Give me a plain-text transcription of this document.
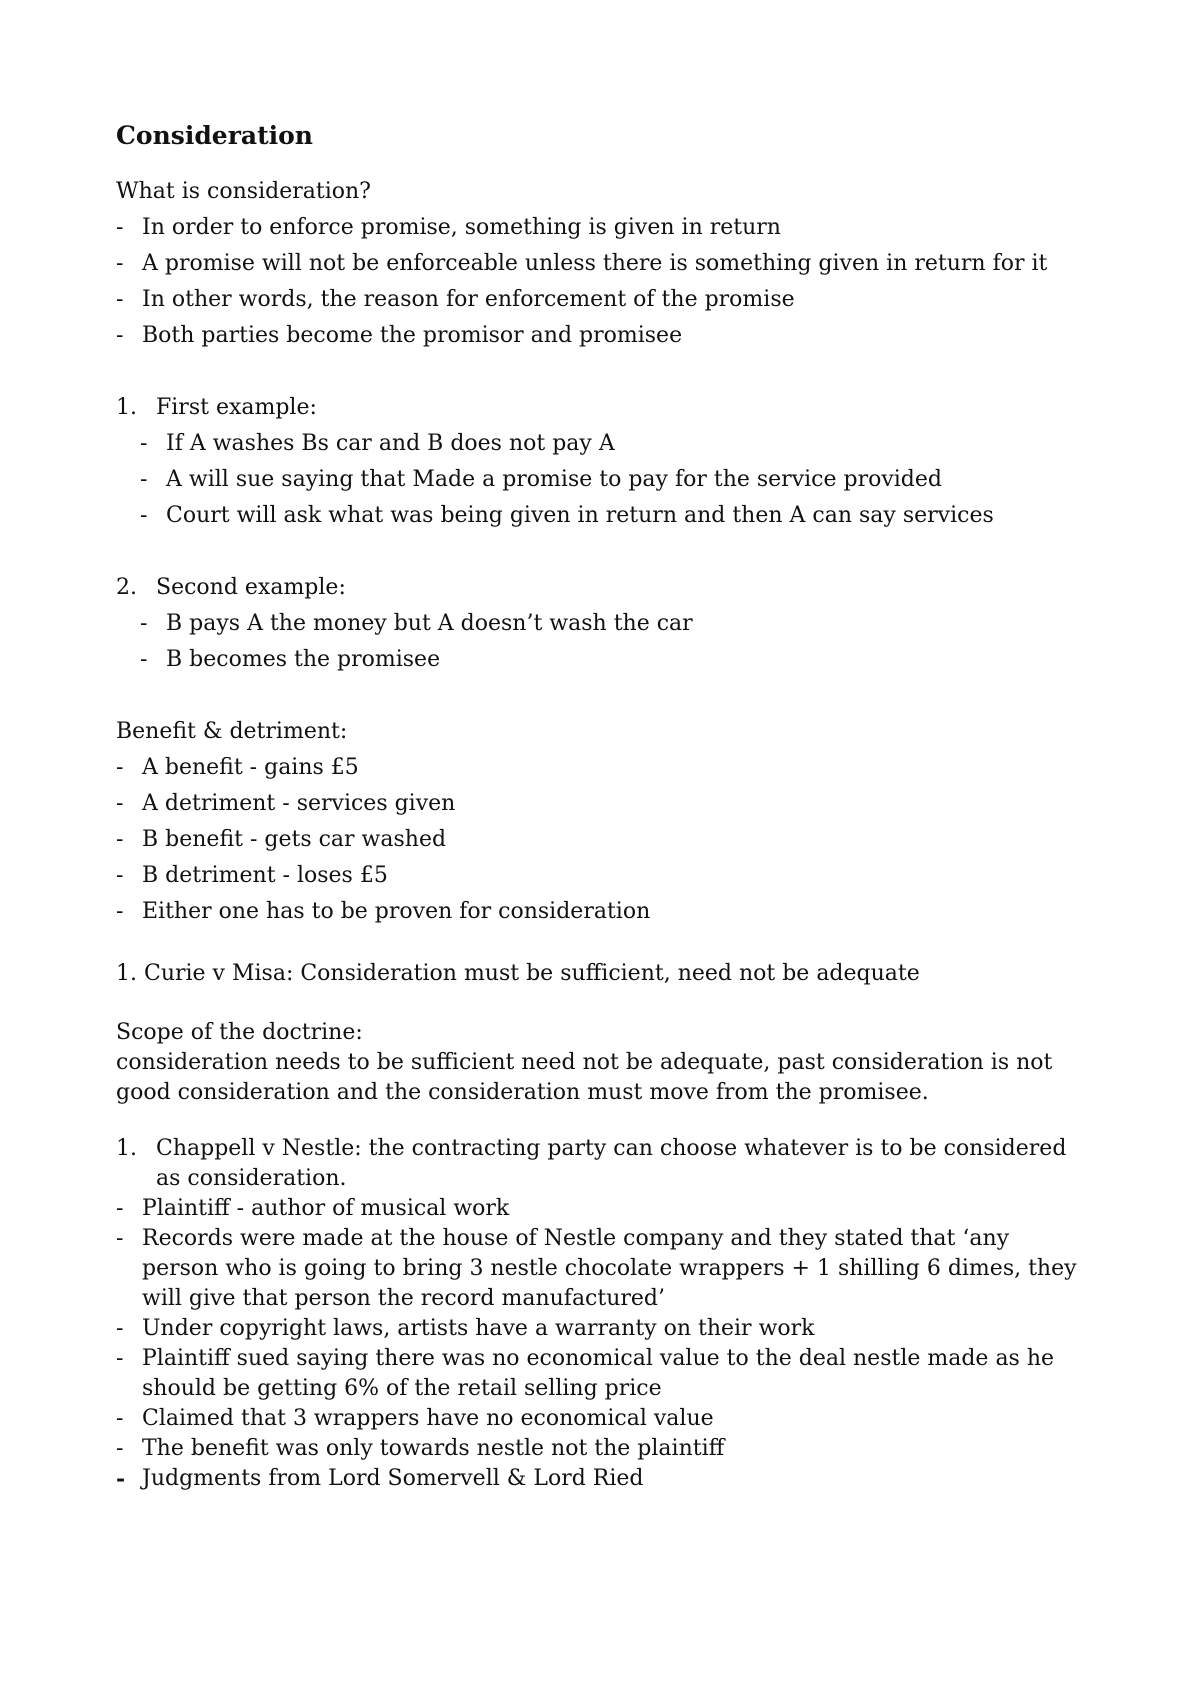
Consideration

What is consideration?

- In order to enforce promise, something is given in return
- A promise will not be enforceable unless there is something given in return for it
- In other words, the reason for enforcement of the promise
- Both parties become the promisor and promisee
1. First example:
- If A washes Bs car and B does not pay A
- A will sue saying that Made a promise to pay for the service provided
- Court will ask what was being given in return and then A can say services
2. Second example:
- B pays A the money but A doesn’t wash the car
- B becomes the promisee

Benefit & detriment:

- A benefit - gains £5
- A detriment - services given
- B benefit - gets car washed
- B detriment - loses £5
- Either one has to be proven for consideration

1. Curie v Misa: Consideration must be sufficient, need not be adequate

Scope of the doctrine:

consideration needs to be sufficient need not be adequate, past consideration is not good consideration and the consideration must move from the promisee.

1. Chappell v Nestle: the contracting party can choose whatever is to be considered as consideration.
- Plaintiff - author of musical work
- Records were made at the house of Nestle company and they stated that ‘any person who is going to bring 3 nestle chocolate wrappers + 1 shilling 6 dimes, they will give that person the record manufactured’
- Under copyright laws, artists have a warranty on their work
- Plaintiff sued saying there was no economical value to the deal nestle made as he should be getting 6% of the retail selling price
- Claimed that 3 wrappers have no economical value
- The benefit was only towards nestle not the plaintiff
- Judgments from Lord Somervell & Lord Ried
